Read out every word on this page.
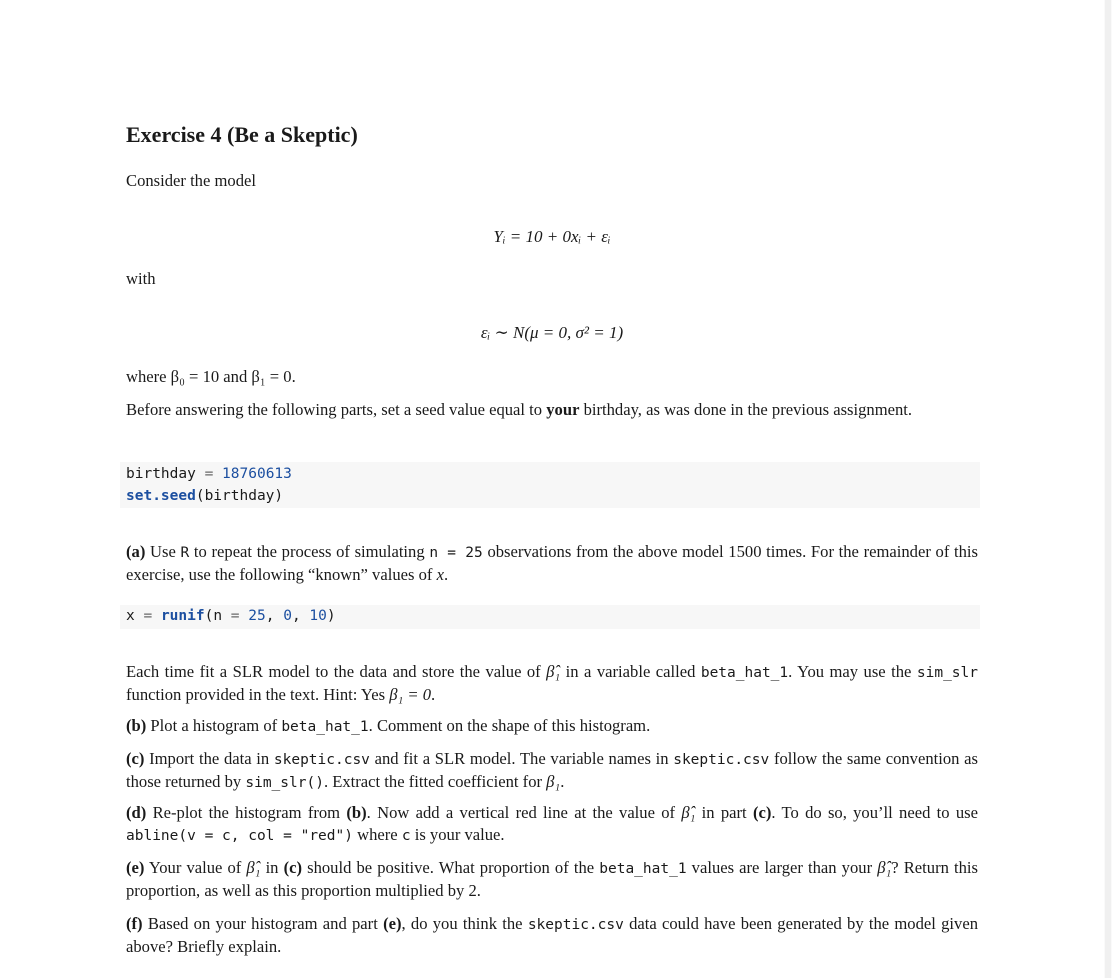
Exercise 4 (Be a Skeptic)

Consider the model

Yᵢ = 10 + 0xᵢ + εᵢ

with

εᵢ ∼ N(μ = 0, σ² = 1)

where β₀ = 10 and β₁ = 0.

Before answering the following parts, set a seed value equal to your birthday, as was done in the previous assignment.

birthday = 18760613
set.seed(birthday)

(a) Use R to repeat the process of simulating n = 25 observations from the above model 1500 times. For the remainder of this exercise, use the following “known” values of x.

x = runif(n = 25, 0, 10)

Each time fit a SLR model to the data and store the value of β̂₁ in a variable called beta_hat_1. You may use the sim_slr function provided in the text. Hint: Yes β₁ = 0.

(b) Plot a histogram of beta_hat_1. Comment on the shape of this histogram.

(c) Import the data in skeptic.csv and fit a SLR model. The variable names in skeptic.csv follow the same convention as those returned by sim_slr(). Extract the fitted coefficient for β₁.

(d) Re-plot the histogram from (b). Now add a vertical red line at the value of β̂₁ in part (c). To do so, you’ll need to use abline(v = c, col = "red") where c is your value.

(e) Your value of β̂₁ in (c) should be positive. What proportion of the beta_hat_1 values are larger than your β̂₁? Return this proportion, as well as this proportion multiplied by 2.

(f) Based on your histogram and part (e), do you think the skeptic.csv data could have been generated by the model given above? Briefly explain.
